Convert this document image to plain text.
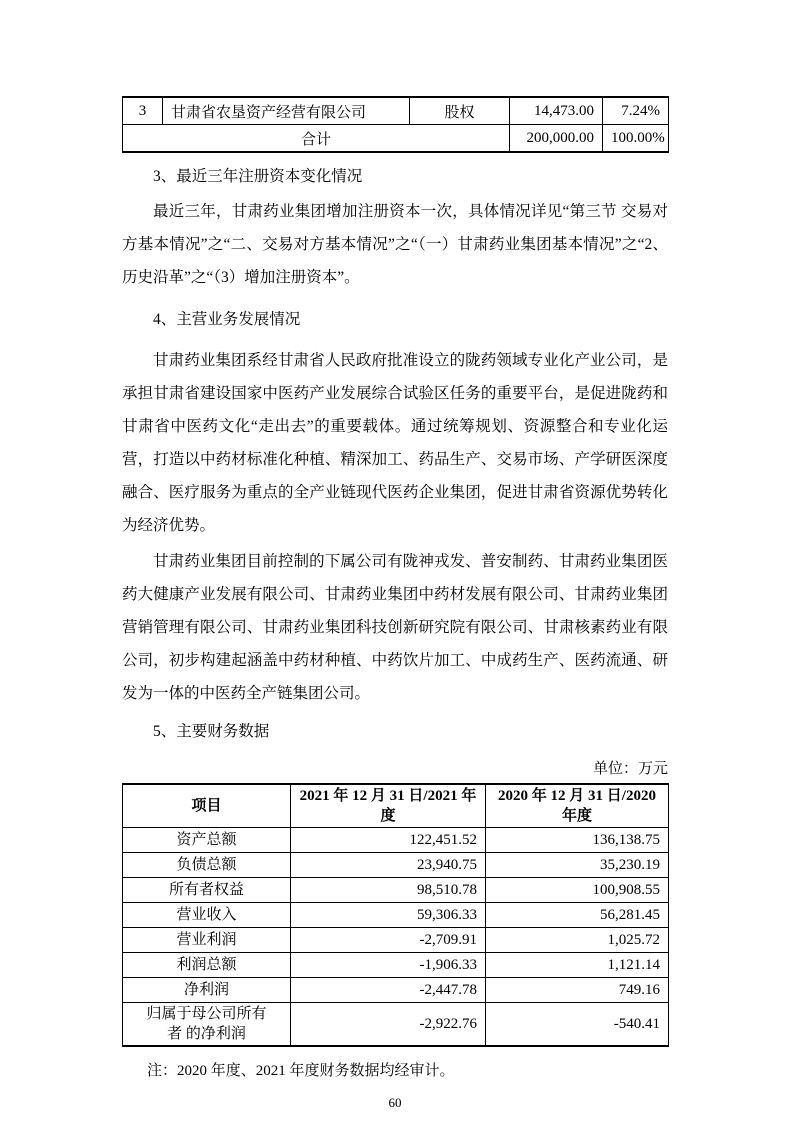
3	甘肃省农垦资产经营有限公司	股权	14,473.00	7.24%
合计			200,000.00	100.00%
3、最近三年注册资本变化情况
最近三年，甘肃药业集团增加注册资本一次，具体情况详见“第三节 交易对方基本情况”之“二、交易对方基本情况”之“（一）甘肃药业集团基本情况”之“2、历史沿革”之“（3）增加注册资本”。
4、主营业务发展情况
甘肃药业集团系经甘肃省人民政府批准设立的陇药领域专业化产业公司，是承担甘肃省建设国家中医药产业发展综合试验区任务的重要平台，是促进陇药和甘肃省中医药文化“走出去”的重要载体。通过统筹规划、资源整合和专业化运营，打造以中药材标准化种植、精深加工、药品生产、交易市场、产学研医深度融合、医疗服务为重点的全产业链现代医药企业集团，促进甘肃省资源优势转化为经济优势。
甘肃药业集团目前控制的下属公司有陇神戎发、普安制药、甘肃药业集团医药大健康产业发展有限公司、甘肃药业集团中药材发展有限公司、甘肃药业集团营销管理有限公司、甘肃药业集团科技创新研究院有限公司、甘肃核素药业有限公司，初步构建起涵盖中药材种植、中药饮片加工、中成药生产、医药流通、研发为一体的中医药全产链集团公司。
5、主要财务数据
单位：万元
项目	2021 年 12 月 31 日/2021 年度	2020 年 12 月 31 日/2020 年度
资产总额	122,451.52	136,138.75
负债总额	23,940.75	35,230.19
所有者权益	98,510.78	100,908.55
营业收入	59,306.33	56,281.45
营业利润	-2,709.91	1,025.72
利润总额	-1,906.33	1,121.14
净利润	-2,447.78	749.16
归属于母公司所有者 的净利润	-2,922.76	-540.41
注：2020 年度、2021 年度财务数据均经审计。
60
